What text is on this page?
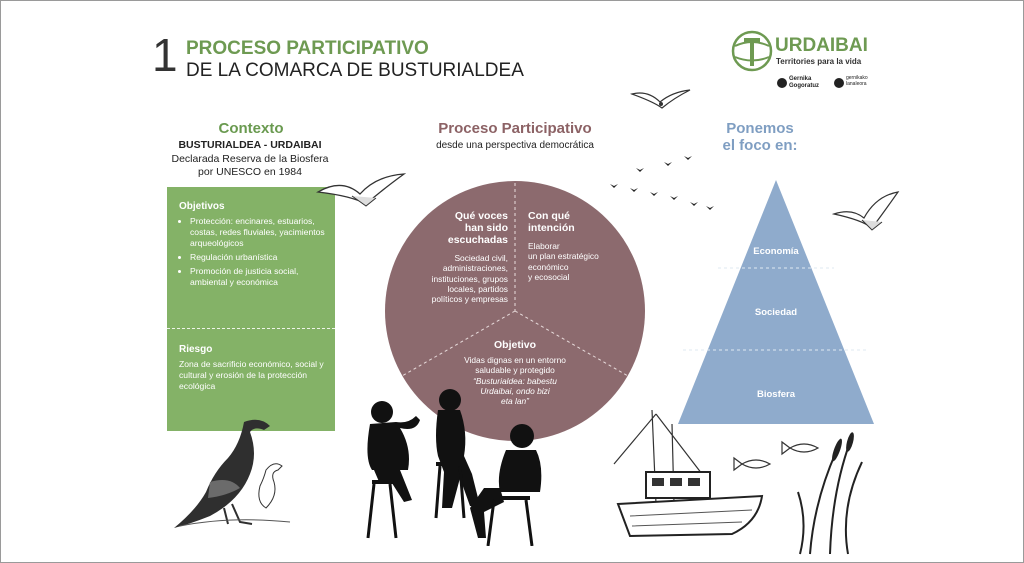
1 PROCESO PARTICIPATIVO
DE LA COMARCA DE BUSTURIALDEA
URDAIBAI
Territories para la vida
Gernika Gogoratuz
gernikako lanaleora
Contexto
BUSTURIALDEA - URDAIBAI
Declarada Reserva de la Biosfera
por UNESCO en 1984
Proceso Participativo
desde una perspectiva democrática
Ponemos
el foco en:
Objetivos
• Protección: encinares, estuarios, costas, redes fluviales, yacimientos arqueológicos
• Regulación urbanística
• Promoción de justicia social, ambiental y económica
Riesgo

Zona de sacrificio económico, social y cultural y erosión de la protección ecológica

Qué voces
han sido
escuchadas
Sociedad civil,
administraciones,
instituciones, grupos
locales, partidos
políticos y empresas
Con qué
intención
Elaborar
un plan estratégico
económico
y ecosocial
Objetivo
Vidas dignas en un entorno
saludable y protegido
“Busturialdea: babestu
Urdaibai, ondo bizi
eta lan”
Economía
Sociedad
Biosfera
